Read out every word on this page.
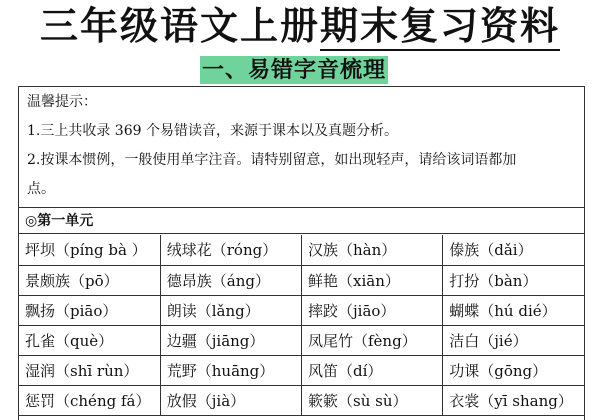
三年级语文上册期末复习资料
一、易错字音梳理
温馨提示：
1.三上共收录 369 个易错读音，来源于课本以及真题分析。
2.按课本惯例，一般使用单字注音。请特别留意，如出现轻声，请给该词语都加
点。
◎第一单元
坪坝（píng bà ）	绒球花（róng）	汉族（hàn）	傣族（dǎi）
景颇族（pō）	德昂族（áng）	鲜艳（xiān）	打扮（bàn）
飘扬（piāo）	朗读（lǎng）	摔跤（jiāo）	蝴蝶（hú dié）
孔雀（què）	边疆（jiāng）	凤尾竹（fèng）	洁白（jié）
湿润（shī rùn）	荒野（huāng）	风笛（dí）	功课（gōng）
惩罚（chéng fá）	放假（jià）	簌簌（sù sù）	衣裳（yī shang）
